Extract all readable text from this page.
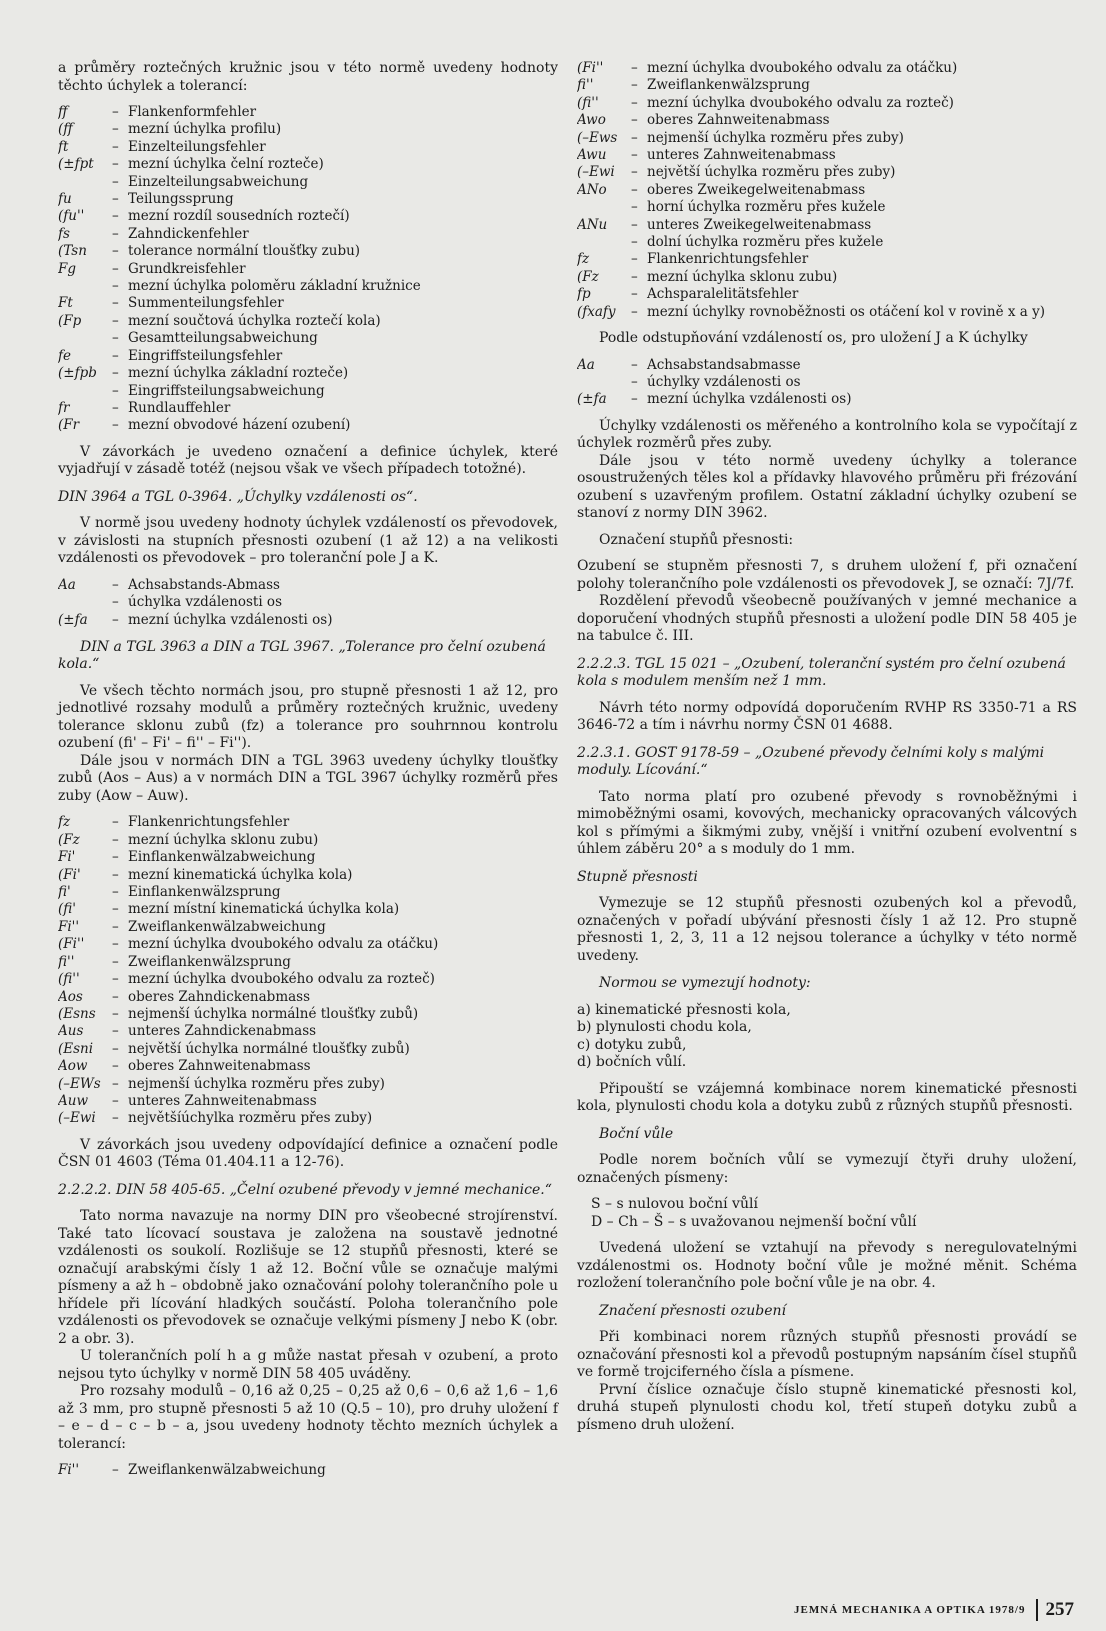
a průměry roztečných kružnic jsou v této normě uvedeny hodnoty těchto úchylek a tolerancí:

ff	– Flankenformfehler
(ff	– mezní úchylka profilu)
ft	– Einzelteilungsfehler
(±fpt	– mezní úchylka čelní rozteče)
– Einzelteilungsabweichung
fu	– Teilungssprung
(fu''	– mezní rozdíl sousedních roztečí)
fs	– Zahndickenfehler
(Tsn	– tolerance normální tloušťky zubu)
Fg	– Grundkreisfehler
– mezní úchylka poloměru základní kružnice
Ft	– Summenteilungsfehler
(Fp	– mezní součtová úchylka roztečí kola)
– Gesamtteilungsabweichung
fe	– Eingriffsteilungsfehler
(±fpb	– mezní úchylka základní rozteče)
– Eingriffsteilungsabweichung
fr	– Rundlauffehler
(Fr	– mezní obvodové házení ozubení)

V závorkách je uvedeno označení a definice úchylek, které vyjadřují v zásadě totéž (nejsou však ve všech případech totožné).

DIN 3964 a TGL 0-3964. „Úchylky vzdálenosti os“.

V normě jsou uvedeny hodnoty úchylek vzdáleností os převodovek, v závislosti na stupních přesnosti ozubení (1 až 12) a na velikosti vzdálenosti os převodovek – pro toleranční pole J a K.

Aa	– Achsabstands-Abmass
– úchylka vzdálenosti os
(±fa	– mezní úchylka vzdálenosti os)

DIN a TGL 3963 a DIN a TGL 3967. „Tolerance pro čelní ozubená kola.“

Ve všech těchto normách jsou, pro stupně přesnosti 1 až 12, pro jednotlivé rozsahy modulů a průměry roztečných kružnic, uvedeny tolerance sklonu zubů (fz) a tolerance pro souhrnnou kontrolu ozubení (fi' – Fi' – fi'' – Fi'').

Dále jsou v normách DIN a TGL 3963 uvedeny úchylky tloušťky zubů (Aos – Aus) a v normách DIN a TGL 3967 úchylky rozměrů přes zuby (Aow – Auw).

fz	– Flankenrichtungsfehler
(Fz	– mezní úchylka sklonu zubu)
Fi'	– Einflankenwälzabweichung
(Fi'	– mezní kinematická úchylka kola)
fi'	– Einflankenwälzsprung
(fi'	– mezní místní kinematická úchylka kola)
Fi''	– Zweiflankenwälzabweichung
(Fi''	– mezní úchylka dvoubokého odvalu za otáčku)
fi''	– Zweiflankenwälzsprung
(fi''	– mezní úchylka dvoubokého odvalu za rozteč)
Aos	– oberes Zahndickenabmass
(Esns	– nejmenší úchylka normálné tloušťky zubů)
Aus	– unteres Zahndickenabmass
(Esni	– největší úchylka normálné tloušťky zubů)
Aow	– oberes Zahnweitenabmass
(–EWs – nejmenší úchylka rozměru přes zuby)
Auw	– unteres Zahnweitenabmass
(–Ewi	– největšíúchylka rozměru přes zuby)

V závorkách jsou uvedeny odpovídající definice a označení podle ČSN 01 4603 (Téma 01.404.11 a 12-76).

2.2.2.2. DIN 58 405-65. „Čelní ozubené převody v jemné mechanice.“

Tato norma navazuje na normy DIN pro všeobecné strojírenství. Také tato lícovací soustava je založena na soustavě jednotné vzdálenosti os soukolí. Rozlišuje se 12 stupňů přesnosti, které se označují arabskými čísly 1 až 12. Boční vůle se označuje malými písmeny a až h – obdobně jako označování polohy tolerančního pole u hřídele při lícování hladkých součástí. Poloha tolerančního pole vzdálenosti os převodovek se označuje velkými písmeny J nebo K (obr. 2 a obr. 3).

U tolerančních polí h a g může nastat přesah v ozubení, a proto nejsou tyto úchylky v normě DIN 58 405 uváděny.

Pro rozsahy modulů – 0,16 až 0,25 – 0,25 až 0,6 – 0,6 až 1,6 – 1,6 až 3 mm, pro stupně přesnosti 5 až 10 (Q.5 – 10), pro druhy uložení f – e – d – c – b – a, jsou uvedeny hodnoty těchto mezních úchylek a tolerancí:

Fi''	– Zweiflankenwälzabweichung
(Fi''	– mezní úchylka dvoubokého odvalu za otáčku)
fi''	– Zweiflankenwälzsprung
(fi''	– mezní úchylka dvoubokého odvalu za rozteč)
Awo	– oberes Zahnweitenabmass
(–Ews	– nejmenší úchylka rozměru přes zuby)
Awu	– unteres Zahnweitenabmass
(–Ewi	– největší úchylka rozměru přes zuby)
ANo	– oberes Zweikegelweitenabmass
– horní úchylka rozměru přes kužele
ANu	– unteres Zweikegelweitenabmass
– dolní úchylka rozměru přes kužele
fz	– Flankenrichtungsfehler
(Fz	– mezní úchylka sklonu zubu)
fp	– Achsparalelitätsfehler
(fxafy	– mezní úchylky rovnoběžnosti os otáčení kol v rovině x a y)

Podle odstupňování vzdáleností os, pro uložení J a K úchylky

Aa	– Achsabstandsabmasse
– úchylky vzdálenosti os
(±fa	– mezní úchylka vzdálenosti os)

Úchylky vzdálenosti os měřeného a kontrolního kola se vypočítají z úchylek rozměrů přes zuby.

Dále jsou v této normě uvedeny úchylky a tolerance osoustružených těles kol a přídavky hlavového průměru při frézování ozubení s uzavřeným profilem. Ostatní základní úchylky ozubení se stanoví z normy DIN 3962.

Označení stupňů přesnosti:

Ozubení se stupněm přesnosti 7, s druhem uložení f, při označení polohy tolerančního pole vzdálenosti os převodovek J, se označí: 7J/7f.

Rozdělení převodů všeobecně používaných v jemné mechanice a doporučení vhodných stupňů přesnosti a uložení podle DIN 58 405 je na tabulce č. III.

2.2.2.3. TGL 15 021 – „Ozubení, toleranční systém pro čelní ozubená kola s modulem menším než 1 mm.

Návrh této normy odpovídá doporučením RVHP RS 3350-71 a RS 3646-72 a tím i návrhu normy ČSN 01 4688.

2.2.3.1. GOST 9178-59 – „Ozubené převody čelními koly s malými moduly. Lícování.“

Tato norma platí pro ozubené převody s rovnoběžnými i mimoběžnými osami, kovových, mechanicky opracovaných válcových kol s přímými a šikmými zuby, vnější i vnitřní ozubení evolventní s úhlem záběru 20° a s moduly do 1 mm.

Stupně přesnosti

Vymezuje se 12 stupňů přesnosti ozubených kol a převodů, označených v pořadí ubývání přesnosti čísly 1 až 12. Pro stupně přesnosti 1, 2, 3, 11 a 12 nejsou tolerance a úchylky v této normě uvedeny.

Normou se vymezují hodnoty:

a) kinematické přesnosti kola,
b) plynulosti chodu kola,
c) dotyku zubů,
d) bočních vůlí.

Připouští se vzájemná kombinace norem kinematické přesnosti kola, plynulosti chodu kola a dotyku zubů z různých stupňů přesnosti.

Boční vůle

Podle norem bočních vůlí se vymezují čtyři druhy uložení, označených písmeny:

S – s nulovou boční vůlí
D – Ch – Š – s uvažovanou nejmenší boční vůlí

Uvedená uložení se vztahují na převody s neregulovatelnými vzdálenostmi os. Hodnoty boční vůle je možné měnit. Schéma rozložení tolerančního pole boční vůle je na obr. 4.

Značení přesnosti ozubení

Při kombinaci norem různých stupňů přesnosti provádí se označování přesnosti kol a převodů postupným napsáním čísel stupňů ve formě trojciferného čísla a písmene.

První číslice označuje číslo stupně kinematické přesnosti kol, druhá stupeň plynulosti chodu kol, třetí stupeň dotyku zubů a písmeno druh uložení.

JEMNÁ MECHANIKA A OPTIKA 1978/9 257
